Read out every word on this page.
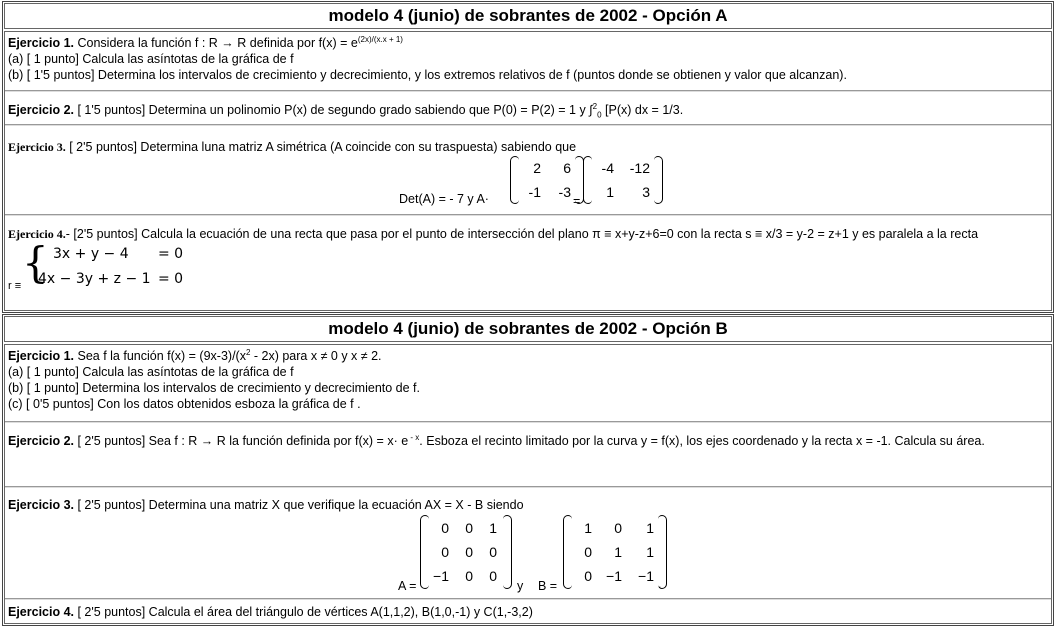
modelo 4 (junio) de sobrantes de 2002 - Opción A
Ejercicio 1. Considera la función f : R → R definida por $f(x) = e^{(2x)/(x.x + 1)}$
(a) [ 1 punto] Calcula las asíntotas de la gráfica de f
(b) [ 1'5 puntos] Determina los intervalos de crecimiento y decrecimiento, y los extremos relativos de f (puntos donde se obtienen y valor que alcanzan).
Ejercicio 2. [ 1'5 puntos] Determina un polinomio P(x) de segundo grado sabiendo que P(0) = P(2) = 1 y ∫$^2_0$ [P(x) dx = 1/3.
Ejercicio 3. [ 2'5 puntos] Determina luna matriz A simétrica (A coincide con su traspuesta) sabiendo que
Det(A) = - 7 y A·
2	6
-1	-3
=
-4	-12
1	3
Ejercicio 4.- [2'5 puntos] Calcula la ecuación de una recta que pasa por el punto de intersección del plano π ≡ x+y-z+6=0 con la recta s ≡ x/3 = y-2 = z+1 y es paralela a la recta
r ≡ { 3x + y − 4 = 0
4x − 3y + z − 1 = 0
modelo 4 (junio) de sobrantes de 2002 - Opción B
Ejercicio 1. Sea f la función $f(x) = (9x-3)/(x^2 - 2x)$ para x ≠ 0 y x ≠ 2.
(a) [ 1 punto] Calcula las asíntotas de la gráfica de f
(b) [ 1 punto] Determina los intervalos de crecimiento y decrecimiento de f.
(c) [ 0'5 puntos] Con los datos obtenidos esboza la gráfica de f .
Ejercicio 2. [ 2'5 puntos] Sea f : R → R la función definida por f(x) = x· e $^{- x}$. Esboza el recinto limitado por la curva y = f(x), los ejes coordenado y la recta x = -1. Calcula su área.
Ejercicio 3. [ 2'5 puntos] Determina una matriz X que verifique la ecuación AX = X - B siendo
A =
0	0	1
0	0	0
−1	0	0
y B =
1	0	1
0	1	1
0	−1	−1 .
Ejercicio 4. [ 2'5 puntos] Calcula el área del triángulo de vértices A(1,1,2), B(1,0,-1) y C(1,-3,2)
